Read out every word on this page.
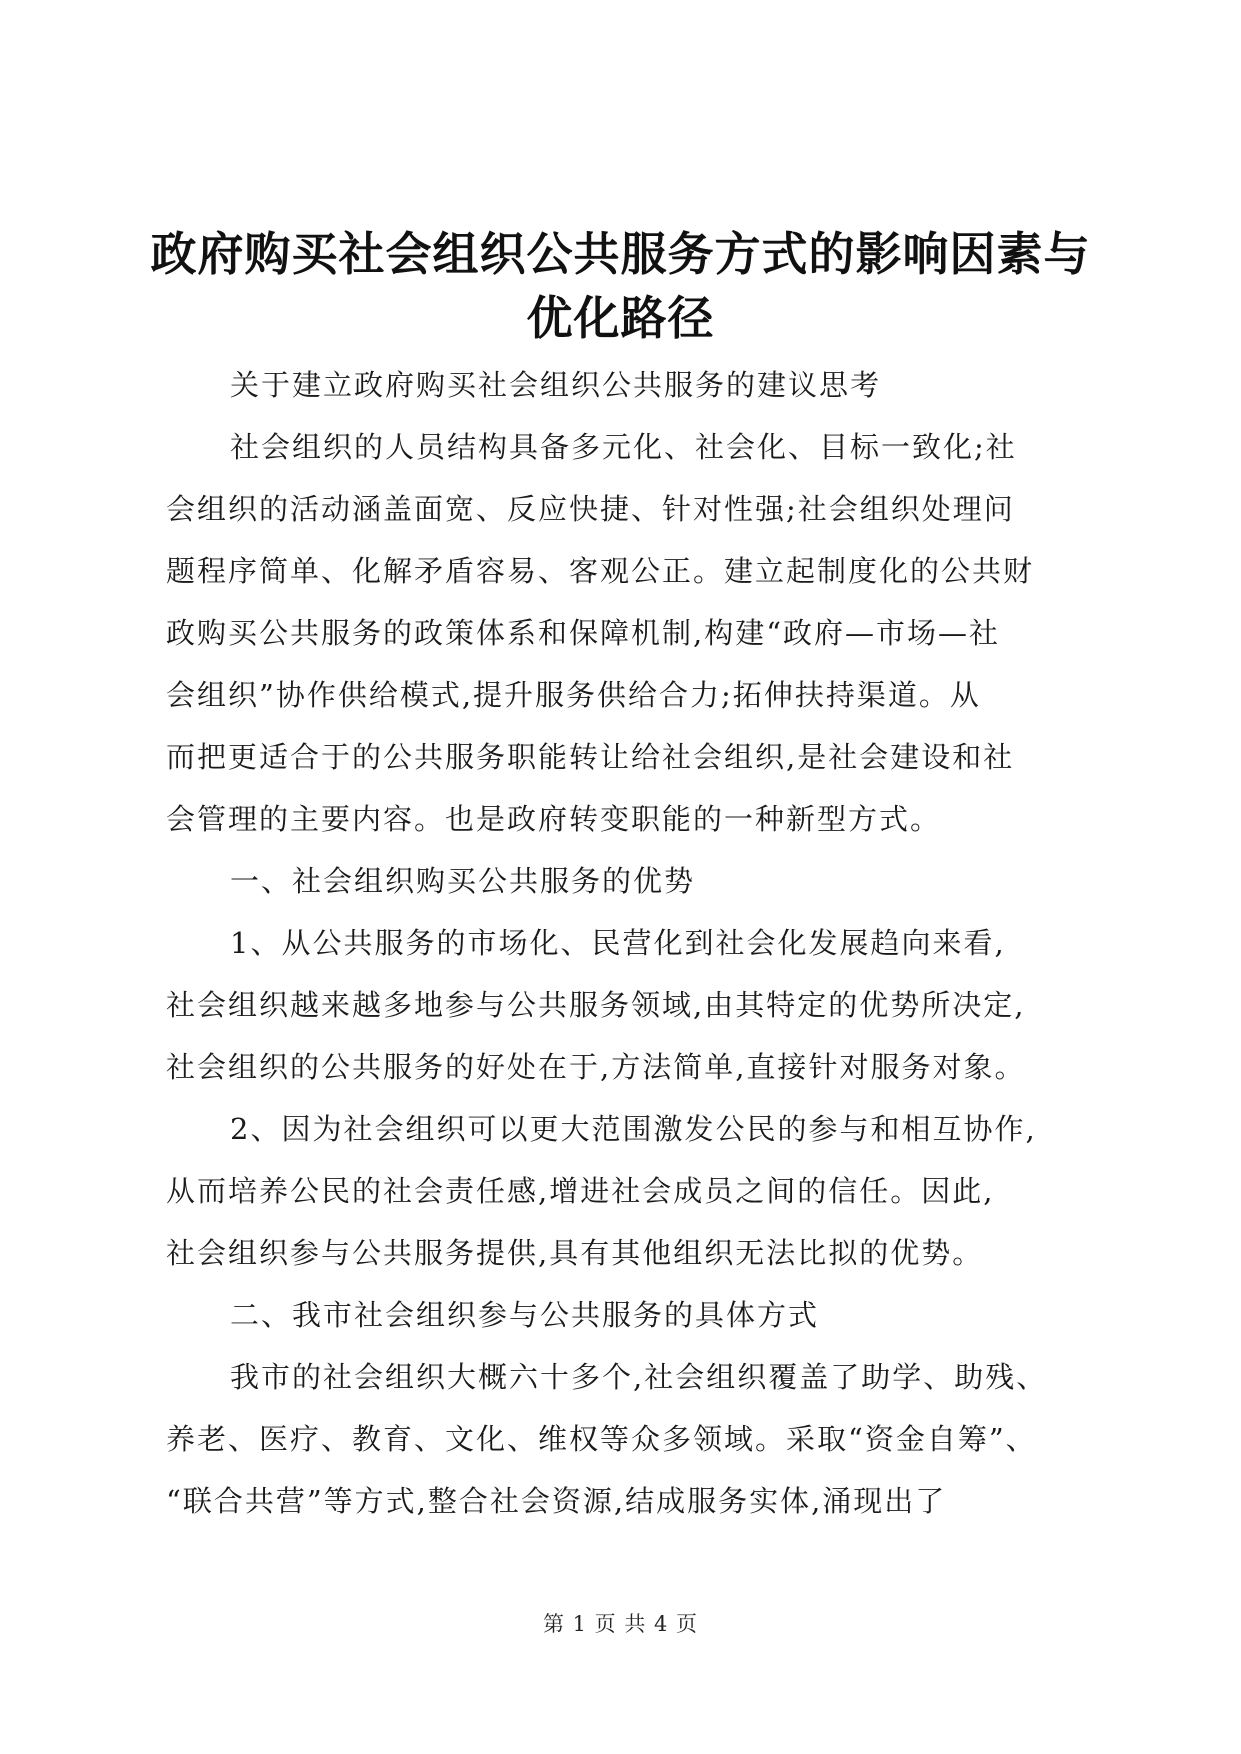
政府购买社会组织公共服务方式的影响因素与
优化路径
关于建立政府购买社会组织公共服务的建议思考
社会组织的人员结构具备多元化、社会化、目标一致化;社
会组织的活动涵盖面宽、反应快捷、针对性强;社会组织处理问
题程序简单、化解矛盾容易、客观公正。建立起制度化的公共财
政购买公共服务的政策体系和保障机制,构建“政府—市场—社
会组织”协作供给模式,提升服务供给合力;拓伸扶持渠道。从
而把更适合于的公共服务职能转让给社会组织,是社会建设和社
会管理的主要内容。也是政府转变职能的一种新型方式。
一、社会组织购买公共服务的优势
1、从公共服务的市场化、民营化到社会化发展趋向来看,
社会组织越来越多地参与公共服务领域,由其特定的优势所决定,
社会组织的公共服务的好处在于,方法简单,直接针对服务对象。
2、因为社会组织可以更大范围激发公民的参与和相互协作,
从而培养公民的社会责任感,增进社会成员之间的信任。因此,
社会组织参与公共服务提供,具有其他组织无法比拟的优势。
二、我市社会组织参与公共服务的具体方式
我市的社会组织大概六十多个,社会组织覆盖了助学、助残、
养老、医疗、教育、文化、维权等众多领域。采取“资金自筹”、
“联合共营”等方式,整合社会资源,结成服务实体,涌现出了
第 1 页 共 4 页
